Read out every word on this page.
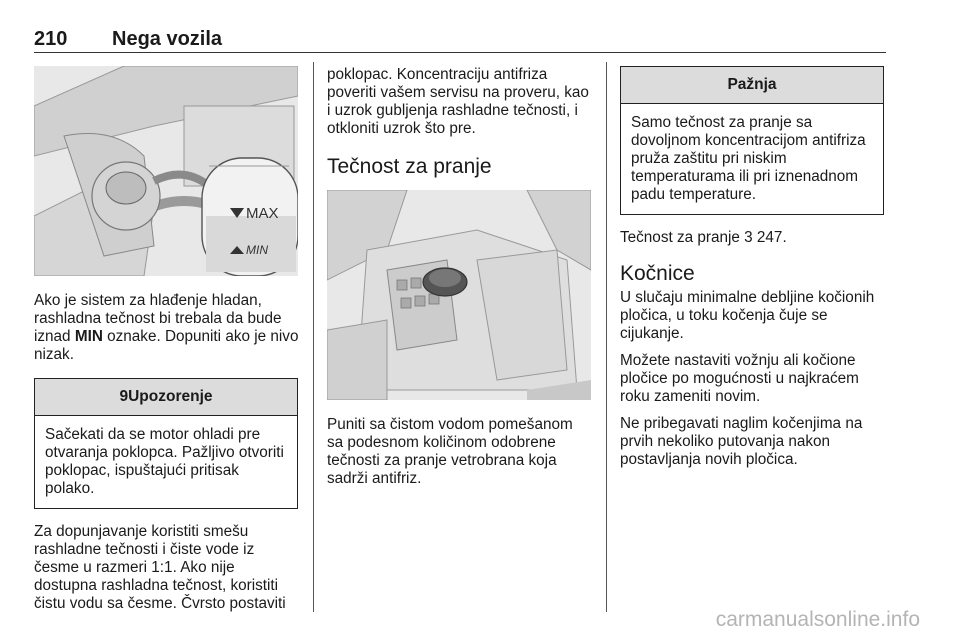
210 Nega vozila
MAX
MIN

Ako je sistem za hlađenje hladan, rashladna tečnost bi trebala da bude iznad MIN oznake. Dopuniti ako je nivo nizak.

9Upozorenje

Sačekati da se motor ohladi pre otvaranja poklopca. Pažljivo otvoriti poklopac, ispuštajući pritisak polako.

Za dopunjavanje koristiti smešu rashladne tečnosti i čiste vode iz česme u razmeri 1:1. Ako nije dostupna rashladna tečnost, koristiti čistu vodu sa česme. Čvrsto postaviti

poklopac. Koncentraciju antifriza poveriti vašem servisu na proveru, kao i uzrok gubljenja rashladne tečnosti, i otkloniti uzrok što pre.

Tečnost za pranje

Puniti sa čistom vodom pomešanom sa podesnom količinom odobrene tečnosti za pranje vetrobrana koja sadrži antifriz.

Pažnja

Samo tečnost za pranje sa dovoljnom koncentracijom antifriza pruža zaštitu pri niskim temperaturama ili pri iznenadnom padu temperature.

Tečnost za pranje 3 247.

Kočnice

U slučaju minimalne debljine kočionih pločica, u toku kočenja čuje se cijukanje.

Možete nastaviti vožnju ali kočione pločice po mogućnosti u najkraćem roku zameniti novim.

Ne pribegavati naglim kočenjima na prvih nekoliko putovanja nakon postavljanja novih pločica.

carmanualsonline.info
